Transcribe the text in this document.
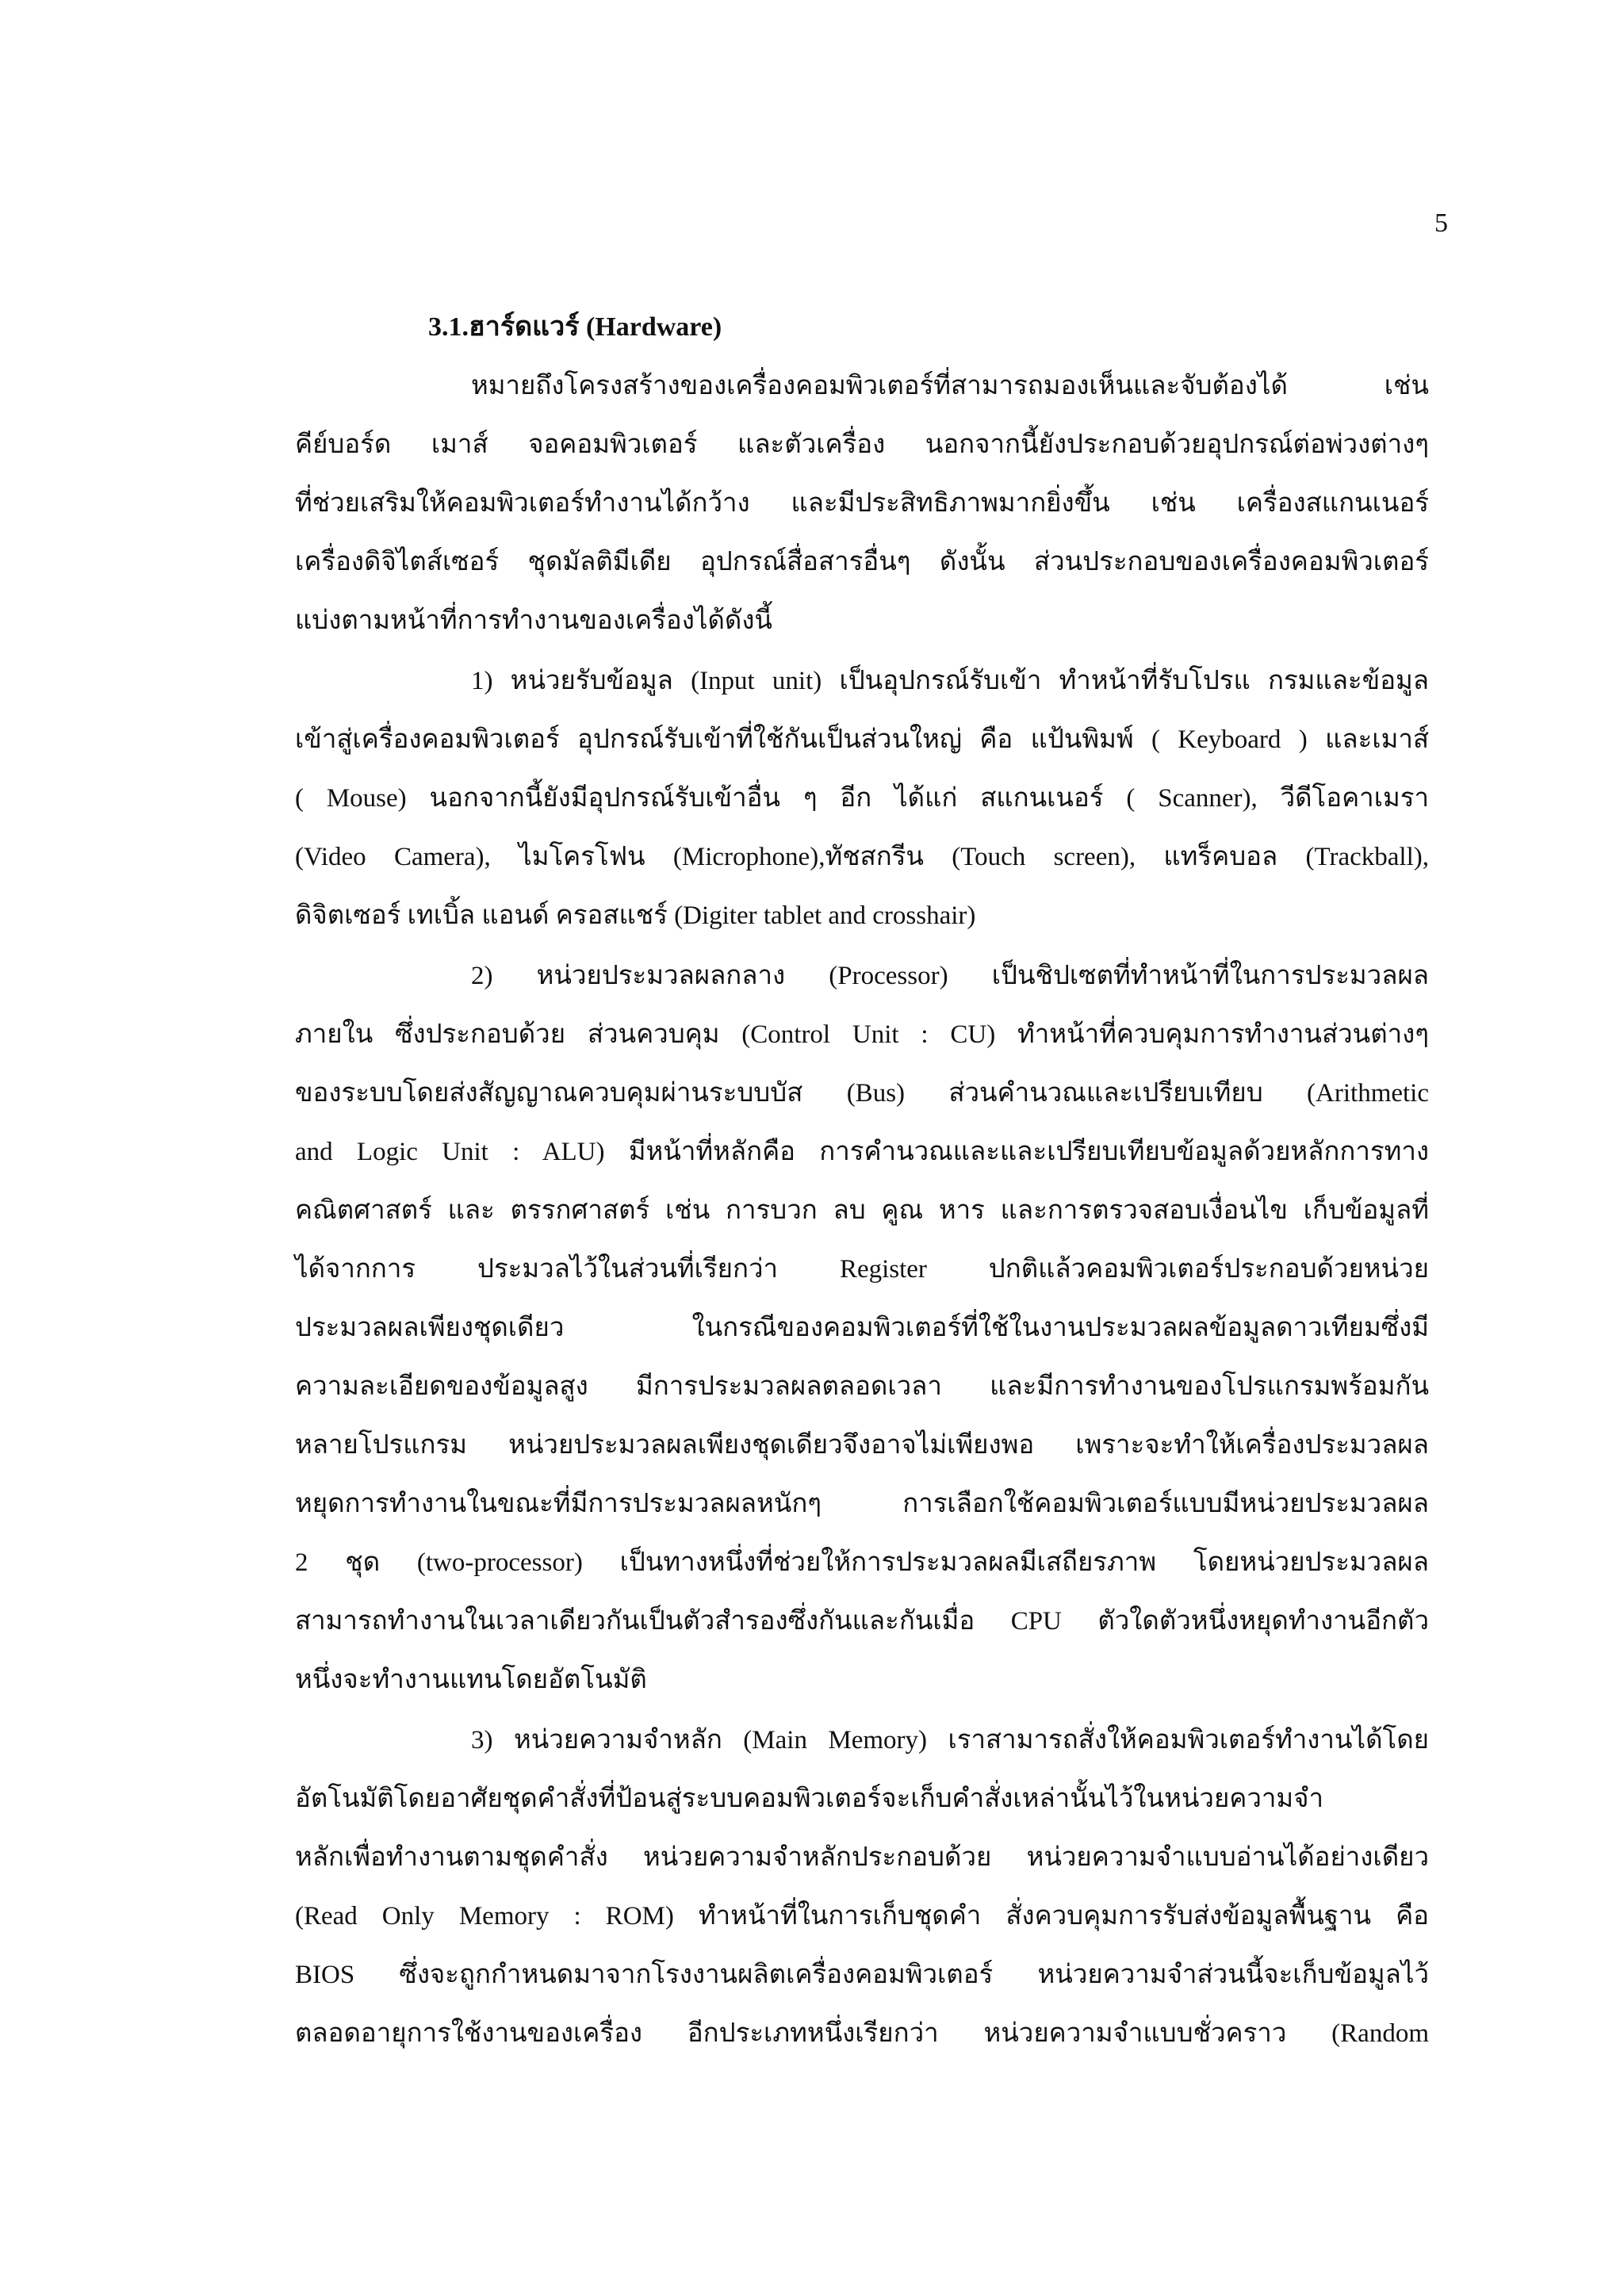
5
3.1.ฮาร์ดแวร์ (Hardware)
หมายถึงโครงสร้างของเครื่องคอมพิวเตอร์ที่สามารถมองเห็นและจับต้องได้ เช่น
คีย์บอร์ด เมาส์ จอคอมพิวเตอร์ และตัวเครื่อง นอกจากนี้ยังประกอบด้วยอุปกรณ์ต่อพ่วงต่างๆ
ที่ช่วยเสริมให้คอมพิวเตอร์ทำงานได้กว้าง และมีประสิทธิภาพมากยิ่งขึ้น เช่น เครื่องสแกนเนอร์
เครื่องดิจิไตส์เซอร์ ชุดมัลติมีเดีย อุปกรณ์สื่อสารอื่นๆ ดังนั้น ส่วนประกอบของเครื่องคอมพิวเตอร์
แบ่งตามหน้าที่การทำงานของเครื่องได้ดังนี้
1) หน่วยรับข้อมูล (Input unit) เป็นอุปกรณ์รับเข้า ทำหน้าที่รับโปรแ กรมและข้อมูล
เข้าสู่เครื่องคอมพิวเตอร์ อุปกรณ์รับเข้าที่ใช้กันเป็นส่วนใหญ่ คือ แป้นพิมพ์ ( Keyboard ) และเมาส์
( Mouse) นอกจากนี้ยังมีอุปกรณ์รับเข้าอื่น ๆ อีก ได้แก่ สแกนเนอร์ ( Scanner), วีดีโอคาเมรา
(Video Camera), ไมโครโฟน (Microphone),ทัชสกรีน (Touch screen), แทร็คบอล (Trackball),
ดิจิตเซอร์ เทเบิ้ล แอนด์ ครอสแชร์ (Digiter tablet and crosshair)
2) หน่วยประมวลผลกลาง (Processor) เป็นชิปเซตที่ทำหน้าที่ในการประมวลผล
ภายใน ซึ่งประกอบด้วย ส่วนควบคุม (Control Unit : CU) ทำหน้าที่ควบคุมการทำงานส่วนต่างๆ
ของระบบโดยส่งสัญญาณควบคุมผ่านระบบบัส (Bus) ส่วนคำนวณและเปรียบเทียบ (Arithmetic
and Logic Unit : ALU) มีหน้าที่หลักคือ การคำนวณและและเปรียบเทียบข้อมูลด้วยหลักการทาง
คณิตศาสตร์ และ ตรรกศาสตร์ เช่น การบวก ลบ คูณ หาร และการตรวจสอบเงื่อนไข เก็บข้อมูลที่
ได้จากการ ประมวลไว้ในส่วนที่เรียกว่า Register ปกติแล้วคอมพิวเตอร์ประกอบด้วยหน่วย
ประมวลผลเพียงชุดเดียว ในกรณีของคอมพิวเตอร์ที่ใช้ในงานประมวลผลข้อมูลดาวเทียมซึ่งมี
ความละเอียดของข้อมูลสูง มีการประมวลผลตลอดเวลา และมีการทำงานของโปรแกรมพร้อมกัน
หลายโปรแกรม หน่วยประมวลผลเพียงชุดเดียวจึงอาจไม่เพียงพอ เพราะจะทำให้เครื่องประมวลผล
หยุดการทำงานในขณะที่มีการประมวลผลหนักๆ การเลือกใช้คอมพิวเตอร์แบบมีหน่วยประมวลผล
2 ชุด (two-processor) เป็นทางหนึ่งที่ช่วยให้การประมวลผลมีเสถียรภาพ โดยหน่วยประมวลผล
สามารถทำงานในเวลาเดียวกันเป็นตัวสำรองซึ่งกันและกันเมื่อ CPU ตัวใดตัวหนึ่งหยุดทำงานอีกตัว
หนึ่งจะทำงานแทนโดยอัตโนมัติ
3) หน่วยความจำหลัก (Main Memory) เราสามารถสั่งให้คอมพิวเตอร์ทำงานได้โดย
อัตโนมัติโดยอาศัยชุดคำสั่งที่ป้อนสู่ระบบคอมพิวเตอร์จะเก็บคำสั่งเหล่านั้นไว้ในหน่วยความจำ
หลักเพื่อทำงานตามชุดคำสั่ง หน่วยความจำหลักประกอบด้วย หน่วยความจำแบบอ่านได้อย่างเดียว
(Read Only Memory : ROM) ทำหน้าที่ในการเก็บชุดคำ สั่งควบคุมการรับส่งข้อมูลพื้นฐาน คือ
BIOS ซึ่งจะถูกกำหนดมาจากโรงงานผลิตเครื่องคอมพิวเตอร์ หน่วยความจำส่วนนี้จะเก็บข้อมูลไว้
ตลอดอายุการใช้งานของเครื่อง อีกประเภทหนึ่งเรียกว่า หน่วยความจำแบบชั่วคราว (Random
